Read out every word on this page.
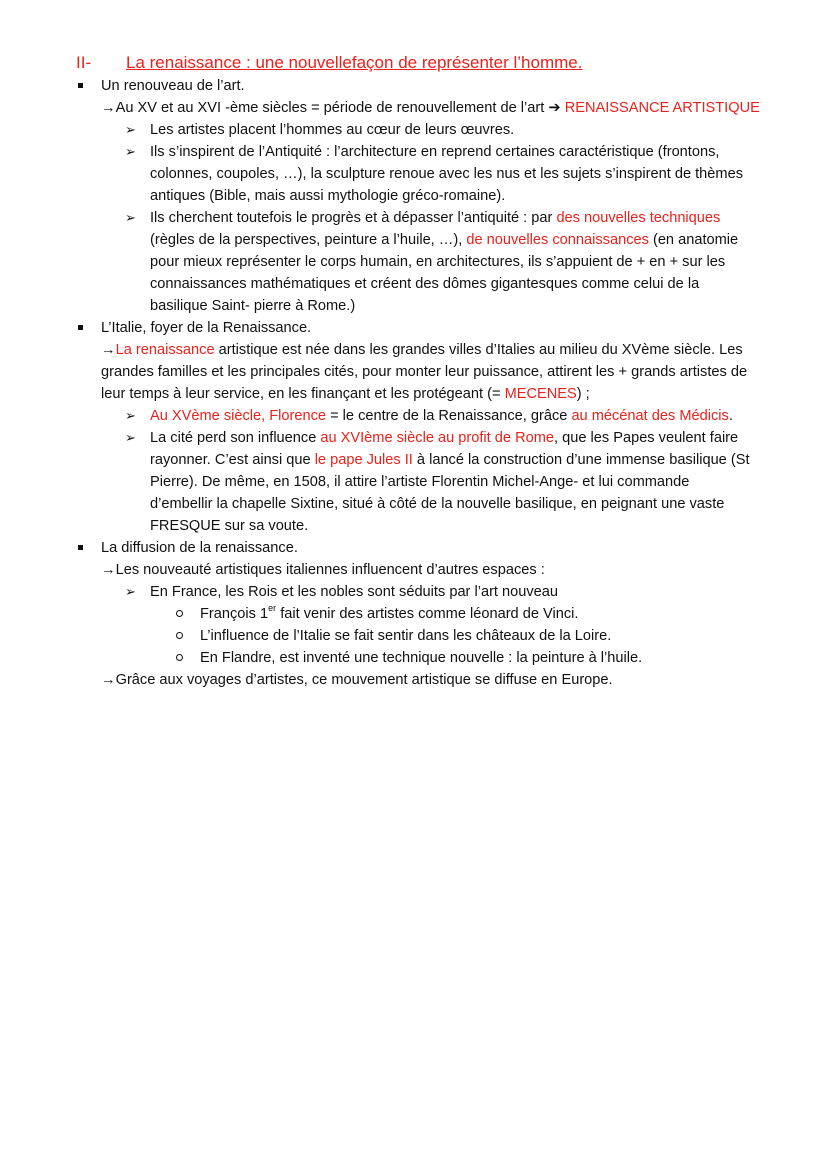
II- La renaissance : une nouvellefaçon de représenter l’homme.
Un renouveau de l’art.
→Au XV et au XVI -ème siècles = période de renouvellement de l’art ➔ RENAISSANCE ARTISTIQUE
➢ Les artistes placent l’hommes au cœur de leurs œuvres.
➢ Ils s’inspirent de l’Antiquité : l’architecture en reprend certaines caractéristique (frontons,
colonnes, coupoles, …), la sculpture renoue avec les nus et les sujets s’inspirent de thèmes
antiques (Bible, mais aussi mythologie gréco-romaine).
➢ Ils cherchent toutefois le progrès et à dépasser l’antiquité : par des nouvelles techniques
(règles de la perspectives, peinture a l’huile, …), de nouvelles connaissances (en anatomie
pour mieux représenter le corps humain, en architectures, ils s’appuient de + en + sur les
connaissances mathématiques et créent des dômes gigantesques comme celui de la
basilique Saint- pierre à Rome.)
L’Italie, foyer de la Renaissance.
→La renaissance artistique est née dans les grandes villes d’Italies au milieu du XVème siècle. Les
grandes familles et les principales cités, pour monter leur puissance, attirent les + grands artistes de
leur temps à leur service, en les finançant et les protégeant (= MECENES) ;
➢ Au XVème siècle, Florence = le centre de la Renaissance, grâce au mécénat des Médicis.
➢ La cité perd son influence au XVIème siècle au profit de Rome, que les Papes veulent faire
rayonner. C’est ainsi que le pape Jules II à lancé la construction d’une immense basilique (St
Pierre). De même, en 1508, il attire l’artiste Florentin Michel-Ange- et lui commande
d’embellir la chapelle Sixtine, situé à côté de la nouvelle basilique, en peignant une vaste
FRESQUE sur sa voute.
La diffusion de la renaissance.
→Les nouveauté artistiques italiennes influencent d’autres espaces :
➢ En France, les Rois et les nobles sont séduits par l’art nouveau
François 1er fait venir des artistes comme léonard de Vinci.
L’influence de l’Italie se fait sentir dans les châteaux de la Loire.
En Flandre, est inventé une technique nouvelle : la peinture à l’huile.
→Grâce aux voyages d’artistes, ce mouvement artistique se diffuse en Europe.
